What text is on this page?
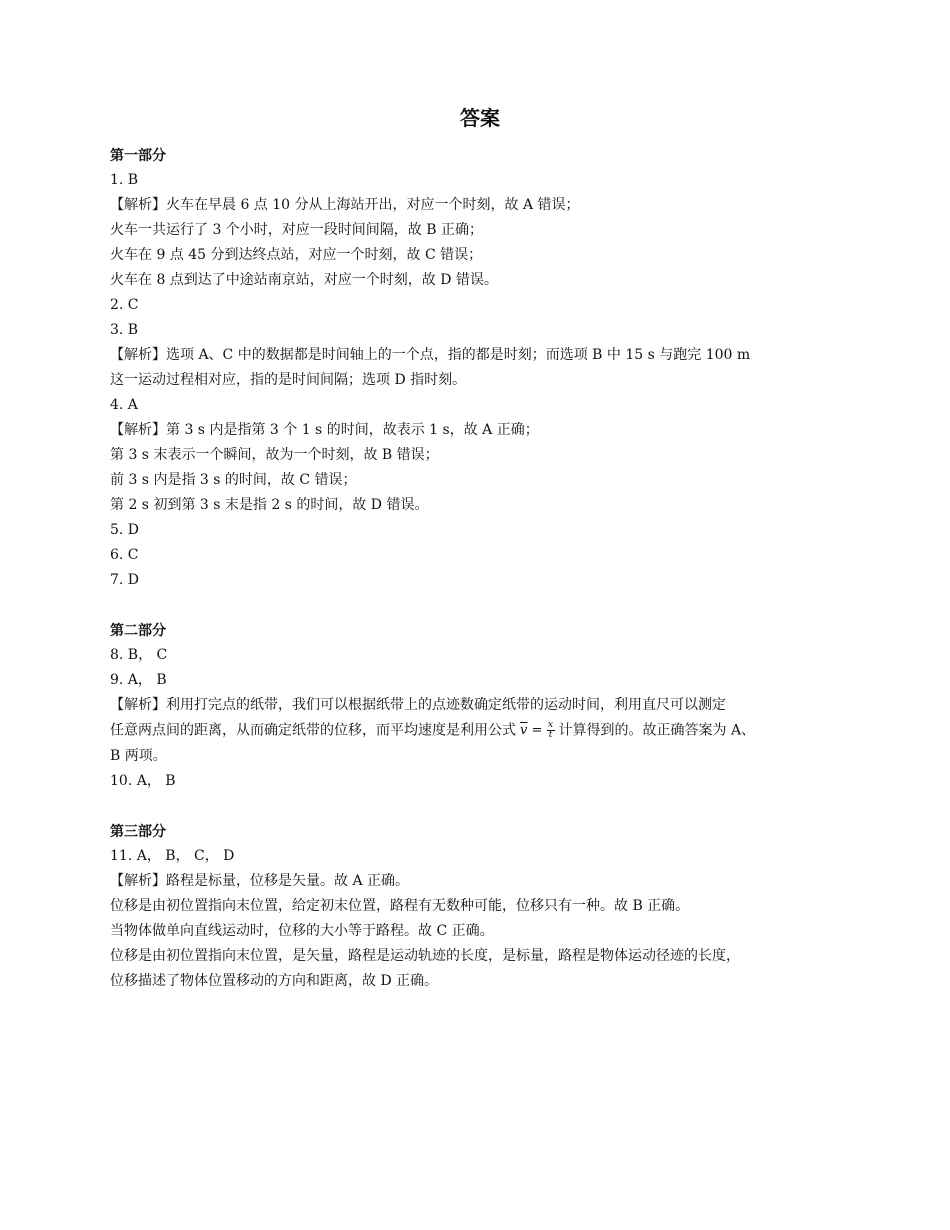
答案
第一部分
1. B
【解析】火车在早晨 6 点 10 分从上海站开出，对应一个时刻，故 A 错误；
火车一共运行了 3 个小时，对应一段时间间隔，故 B 正确；
火车在 9 点 45 分到达终点站，对应一个时刻，故 C 错误；
火车在 8 点到达了中途站南京站，对应一个时刻，故 D 错误。
2. C
3. B
【解析】选项 A、C 中的数据都是时间轴上的一个点，指的都是时刻；而选项 B 中 15 s 与跑完 100 m
这一运动过程相对应，指的是时间间隔；选项 D 指时刻。
4. A
【解析】第 3 s 内是指第 3 个 1 s 的时间，故表示 1 s，故 A 正确；
第 3 s 末表示一个瞬间，故为一个时刻，故 B 错误；
前 3 s 内是指 3 s 的时间，故 C 错误；
第 2 s 初到第 3 s 末是指 2 s 的时间，故 D 错误。
5. D
6. C
7. D
第二部分
8. B， C
9. A， B
【解析】利用打完点的纸带，我们可以根据纸带上的点迹数确定纸带的运动时间，利用直尺可以测定
任意两点间的距离，从而确定纸带的位移，而平均速度是利用公式 $\overline{v} = \frac{x}{t}$ 计算得到的。故正确答案为 A、
B 两项。
10. A， B
第三部分
11. A， B， C， D
【解析】路程是标量，位移是矢量。故 A 正确。
位移是由初位置指向末位置，给定初末位置，路程有无数种可能，位移只有一种。故 B 正确。
当物体做单向直线运动时，位移的大小等于路程。故 C 正确。
位移是由初位置指向末位置，是矢量，路程是运动轨迹的长度，是标量，路程是物体运动径迹的长度，
位移描述了物体位置移动的方向和距离，故 D 正确。
